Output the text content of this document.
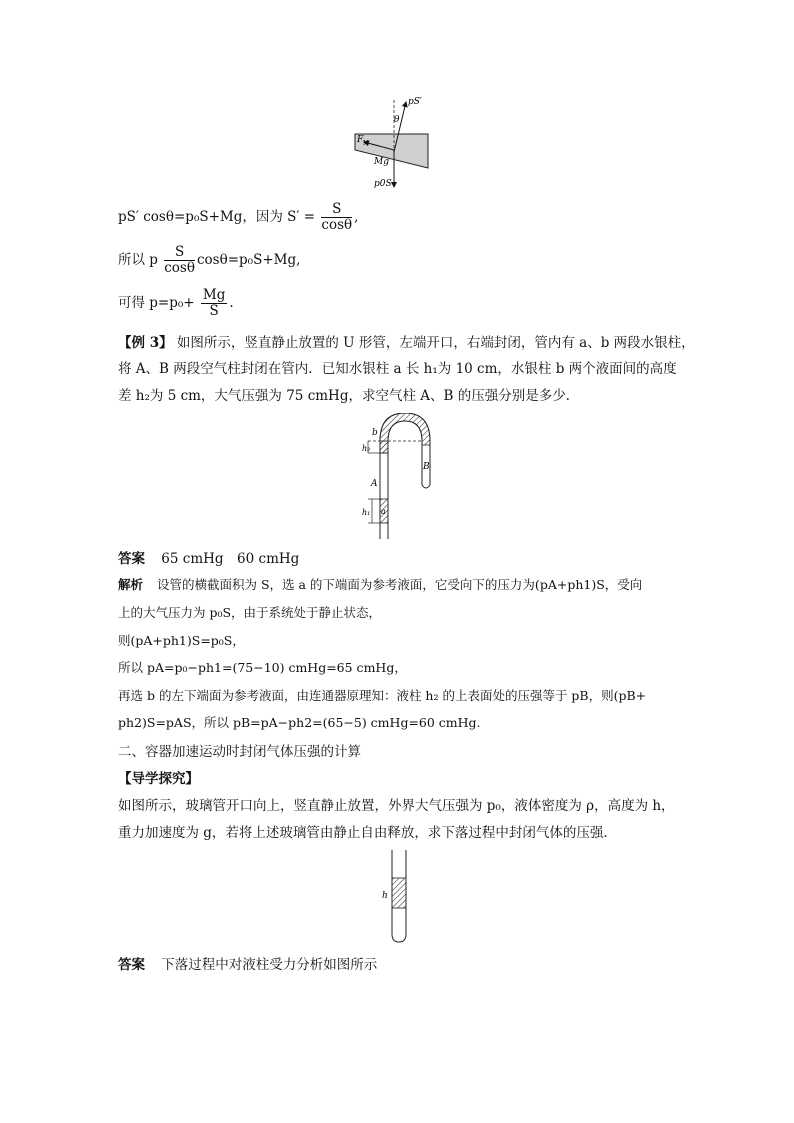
pS′
θ
F N
Mg
p0S
pS′ cosθ=p₀S+Mg，因为 $S' = \frac{S}{\cos\theta}$ ,
所以 p $\frac{S}{\cos\theta} \cos\theta=p_0S+Mg$,
可得 $p=p_0+ \frac{Mg}{S}$ .
【例 3】 如图所示，竖直静止放置的 U 形管，左端开口，右端封闭，管内有 a、b 两段水银柱，
将 A、B 两段空气柱封闭在管内．已知水银柱 a 长 h₁为 10 cm，水银柱 b 两个液面间的高度
差 h₂为 5 cm，大气压强为 75 cmHg，求空气柱 A、B 的压强分别是多少．
b
h₂
B
A
h₁ a
答案 65 cmHg　60 cmHg
解析 设管的横截面积为 S，选 a 的下端面为参考液面，它受向下的压力为(pA+ph1)S，受向
上的大气压力为 p₀S，由于系统处于静止状态，
则(pA+ph1)S=p₀S，
所以 pA=p₀−ph1=(75−10) cmHg=65 cmHg，
再选 b 的左下端面为参考液面，由连通器原理知：液柱 h₂ 的上表面处的压强等于 pB，则(pB+
ph2)S=pAS，所以 pB=pA−ph2=(65−5) cmHg=60 cmHg.
二、容器加速运动时封闭气体压强的计算
【导学探究】
如图所示，玻璃管开口向上，竖直静止放置，外界大气压强为 p₀，液体密度为 ρ，高度为 h，
重力加速度为 g，若将上述玻璃管由静止自由释放，求下落过程中封闭气体的压强．
h
答案 下落过程中对液柱受力分析如图所示
